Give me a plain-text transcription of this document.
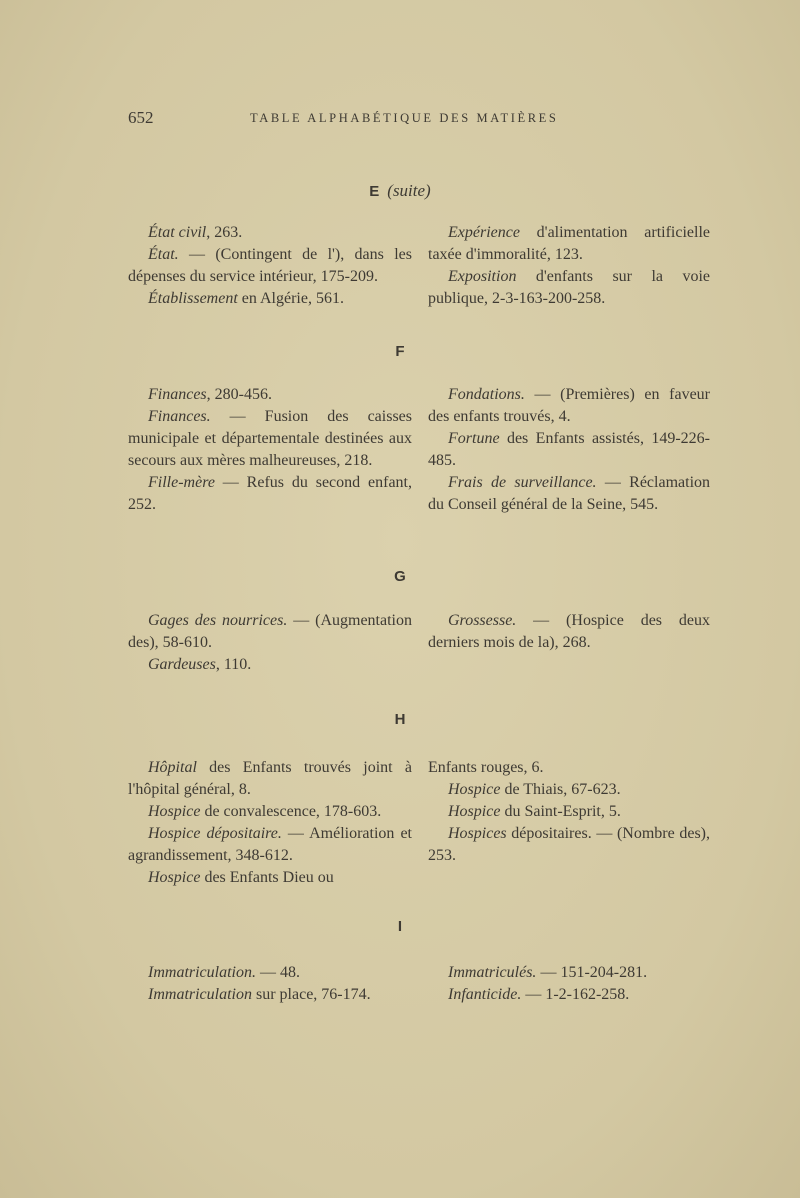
652	TABLE ALPHABÉTIQUE DES MATIÈRES
E (suite)

État civil, 263.

État. — (Contingent de l'), dans les dépenses du service intérieur, 175-209.

Établissement en Algérie, 561.

Expérience d'alimentation artificielle taxée d'immoralité, 123.

Exposition d'enfants sur la voie publique, 2-3-163-200-258.

F

Finances, 280-456.

Finances. — Fusion des caisses municipale et départementale destinées aux secours aux mères malheureuses, 218.

Fille-mère — Refus du second enfant, 252.

Fondations. — (Premières) en faveur des enfants trouvés, 4.

Fortune des Enfants assistés, 149-226-485.

Frais de surveillance. — Réclamation du Conseil général de la Seine, 545.

G

Gages des nourrices. — (Augmentation des), 58-610.

Gardeuses, 110.

Grossesse. — (Hospice des deux derniers mois de la), 268.

H

Hôpital des Enfants trouvés joint à l'hôpital général, 8.

Hospice de convalescence, 178-603.

Hospice dépositaire. — Amélioration et agrandissement, 348-612.

Hospice des Enfants Dieu ou

Enfants rouges, 6.

Hospice de Thiais, 67-623.

Hospice du Saint-Esprit, 5.

Hospices dépositaires. — (Nombre des), 253.

I

Immatriculation. — 48.

Immatriculation sur place, 76-174.

Immatriculés. — 151-204-281.

Infanticide. — 1-2-162-258.
